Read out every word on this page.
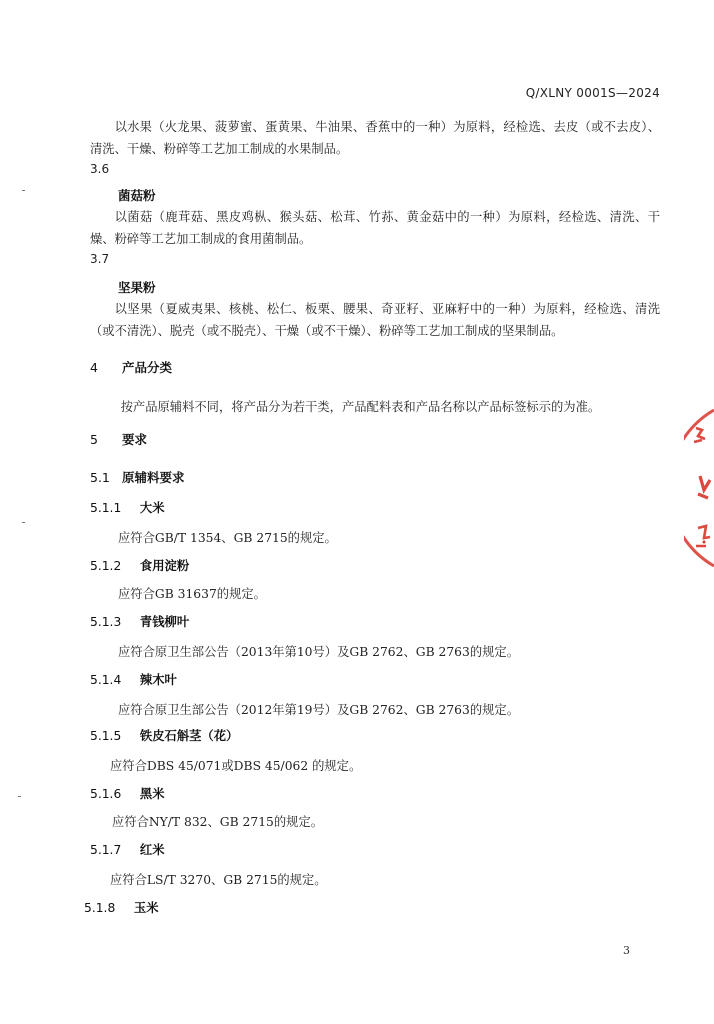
Q/XLNY 0001S—2024

以水果（火龙果、菠萝蜜、蛋黄果、牛油果、香蕉中的一种）为原料，经检选、去皮（或不去皮）、清洗、干燥、粉碎等工艺加工制成的水果制品。

3.6
菌菇粉

以菌菇（鹿茸菇、黑皮鸡枞、猴头菇、松茸、竹荪、黄金菇中的一种）为原料，经检选、清洗、干燥、粉碎等工艺加工制成的食用菌制品。

3.7
坚果粉

以坚果（夏威夷果、核桃、松仁、板栗、腰果、奇亚籽、亚麻籽中的一种）为原料，经检选、清洗（或不清洗）、脱壳（或不脱壳）、干燥（或不干燥）、粉碎等工艺加工制成的坚果制品。

4 产品分类

按产品原辅料不同，将产品分为若干类，产品配料表和产品名称以产品标签标示的为准。

5 要求
5.1 原辅料要求
5.1.1 大米
应符合GB/T 1354、GB 2715的规定。
5.1.2 食用淀粉
应符合GB 31637的规定。
5.1.3 青钱柳叶
应符合原卫生部公告（2013年第10号）及GB 2762、GB 2763的规定。
5.1.4 辣木叶
应符合原卫生部公告（2012年第19号）及GB 2762、GB 2763的规定。
5.1.5 铁皮石斛茎（花）
应符合DBS 45/071或DBS 45/062 的规定。
5.1.6 黑米
应符合NY/T 832、GB 2715的规定。
5.1.7 红米
应符合LS/T 3270、GB 2715的规定。
5.1.8 玉米
3
